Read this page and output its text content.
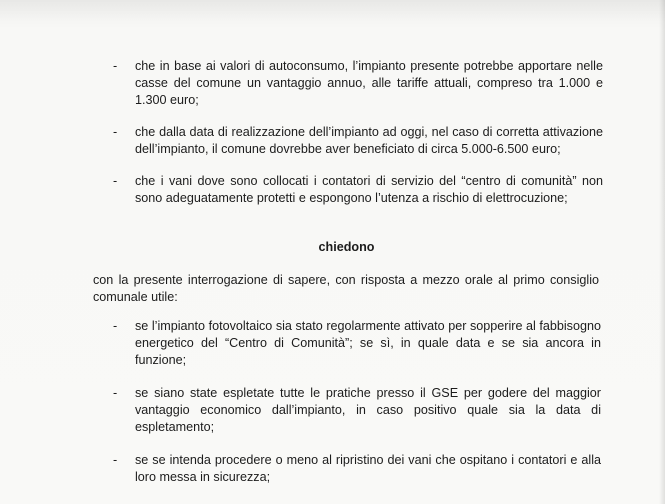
-	che in base ai valori di autoconsumo, l’impianto presente potrebbe apportare nelle casse del comune un vantaggio annuo, alle tariffe attuali, compreso tra 1.000 e 1.300 euro;
-	che dalla data di realizzazione dell’impianto ad oggi, nel caso di corretta attivazione dell’impianto, il comune dovrebbe aver beneficiato di circa 5.000-6.500 euro;
-	che i vani dove sono collocati i contatori di servizio del “centro di comunità” non sono adeguatamente protetti e espongono l’utenza a rischio di elettrocuzione;
chiedono
con la presente interrogazione di sapere, con risposta a mezzo orale al primo consiglio comunale utile:
-	se l’impianto fotovoltaico sia stato regolarmente attivato per sopperire al fabbisogno energetico del “Centro di Comunità”; se sì, in quale data e se sia ancora in funzione;
-	se siano state espletate tutte le pratiche presso il GSE per godere del maggior vantaggio economico dall’impianto, in caso positivo quale sia la data di espletamento;
-	se se intenda procedere o meno al ripristino dei vani che ospitano i contatori e alla loro messa in sicurezza;
